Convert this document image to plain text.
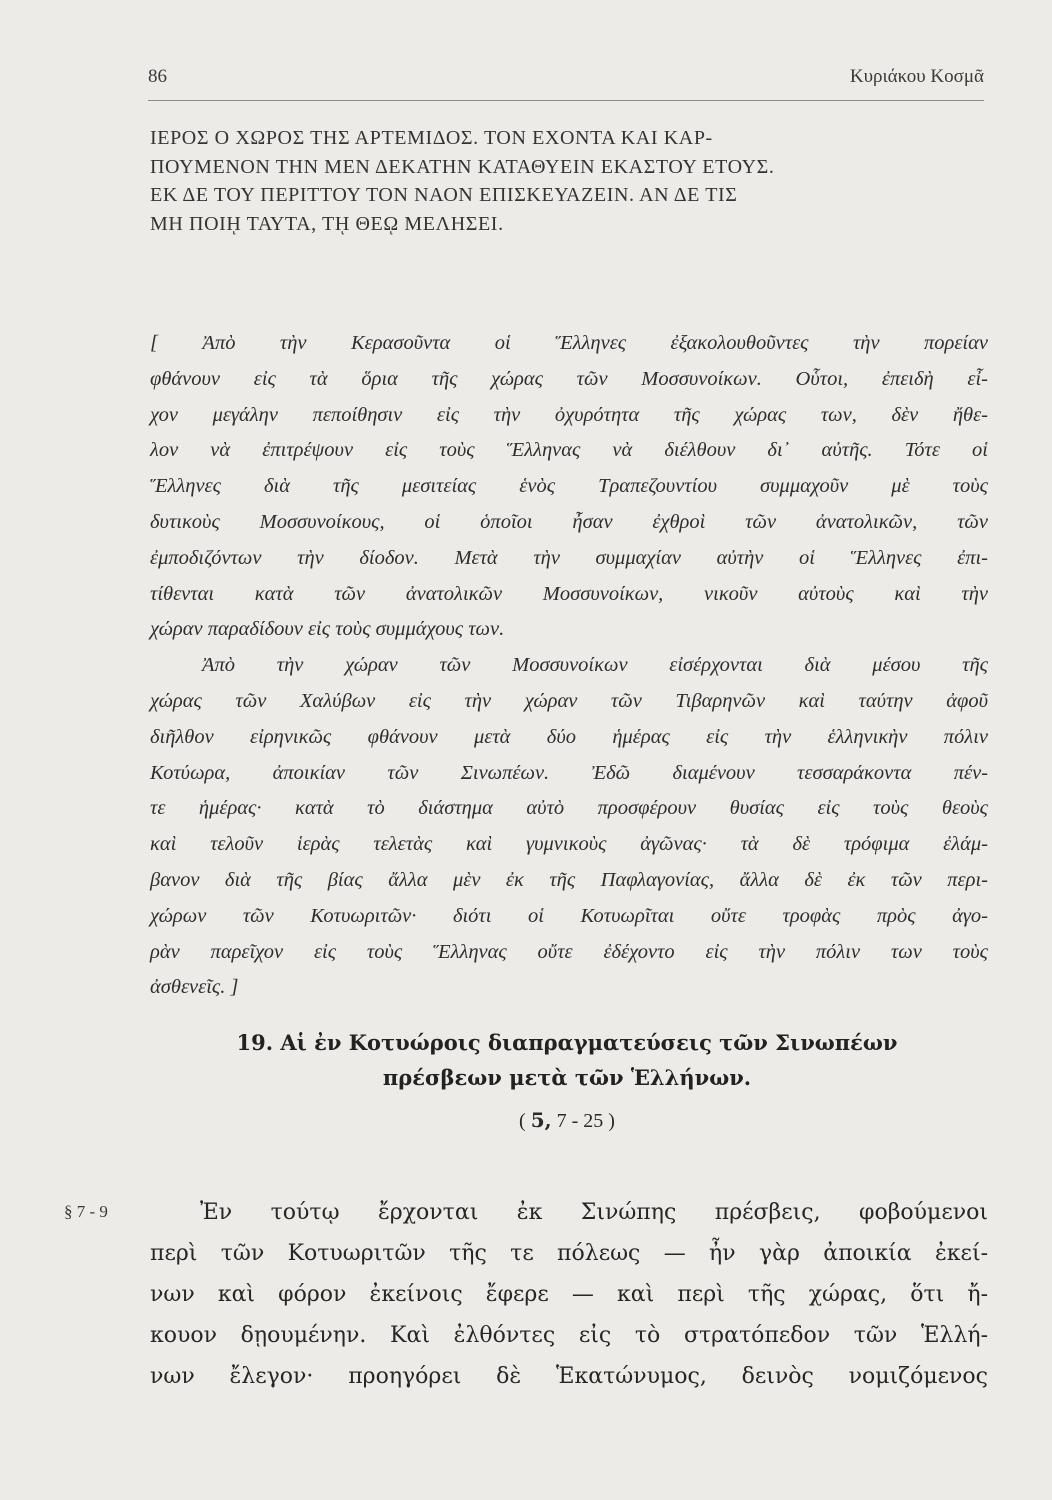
86	Κυριάκου Κοσμᾶ
ΙΕΡΟΣ Ο ΧΩΡΟΣ ΤΗΣ ΑΡΤΕΜΙΔΟΣ. ΤΟΝ ΕΧΟΝΤΑ ΚΑΙ ΚΑΡ-
ΠΟΥΜΕΝΟΝ ΤΗΝ ΜΕΝ ΔΕΚΑΤΗΝ ΚΑΤΑΘΥΕΙΝ ΕΚΑΣΤΟΥ ΕΤΟΥΣ.
ΕΚ ΔΕ ΤΟΥ ΠΕΡΙΤΤΟΥ ΤΟΝ ΝΑΟΝ ΕΠΙΣΚΕΥΑΖΕΙΝ. ΑΝ ΔΕ ΤΙΣ
ΜΗ ΠΟΙῌ ΤΑΥΤΑ, Τῌ ΘΕῼ ΜΕΛΗΣΕΙ.
[ Ἀπὸ τὴν Κερασοῦντα οἱ Ἕλληνες ἐξακολουθοῦντες τὴν πορείαν
φθάνουν εἰς τὰ ὅρια τῆς χώρας τῶν Μοσσυνοίκων. Οὗτοι, ἐπειδὴ εἶ-
χον μεγάλην πεποίθησιν εἰς τὴν ὀχυρότητα τῆς χώρας των, δὲν ἤθε-
λον νὰ ἐπιτρέψουν εἰς τοὺς Ἕλληνας νὰ διέλθουν δι᾿ αὐτῆς. Τότε οἱ
Ἕλληνες διὰ τῆς μεσιτείας ἑνὸς Τραπεζουντίου συμμαχοῦν μὲ τοὺς
δυτικοὺς Μοσσυνοίκους, οἱ ὁποῖοι ἦσαν ἐχθροὶ τῶν ἀνατολικῶν, τῶν
ἐμποδιζόντων τὴν δίοδον. Μετὰ τὴν συμμαχίαν αὐτὴν οἱ Ἕλληνες ἐπι-
τίθενται κατὰ τῶν ἀνατολικῶν Μοσσυνοίκων, νικοῦν αὐτοὺς καὶ τὴν
χώραν παραδίδουν εἰς τοὺς συμμάχους των.
Ἀπὸ τὴν χώραν τῶν Μοσσυνοίκων εἰσέρχονται διὰ μέσου τῆς
χώρας τῶν Χαλύβων εἰς τὴν χώραν τῶν Τιβαρηνῶν καὶ ταύτην ἀφοῦ
διῆλθον εἰρηνικῶς φθάνουν μετὰ δύο ἡμέρας εἰς τὴν ἑλληνικὴν πόλιν
Κοτύωρα, ἀποικίαν τῶν Σινωπέων. Ἐδῶ διαμένουν τεσσαράκοντα πέν-
τε ἡμέρας· κατὰ τὸ διάστημα αὐτὸ προσφέρουν θυσίας εἰς τοὺς θεοὺς
καὶ τελοῦν ἱερὰς τελετὰς καὶ γυμνικοὺς ἀγῶνας· τὰ δὲ τρόφιμα ἐλάμ-
βανον διὰ τῆς βίας ἄλλα μὲν ἐκ τῆς Παφλαγονίας, ἄλλα δὲ ἐκ τῶν περι-
χώρων τῶν Κοτυωριτῶν· διότι οἱ Κοτυωρῖται οὔτε τροφὰς πρὸς ἀγο-
ρὰν παρεῖχον εἰς τοὺς Ἕλληνας οὔτε ἐδέχοντο εἰς τὴν πόλιν των τοὺς
ἀσθενεῖς. ]
19. Αἱ ἐν Κοτυώροις διαπραγματεύσεις τῶν Σινωπέων
πρέσβεων μετὰ τῶν Ἑλλήνων.
( 5, 7 - 25 )
§ 7 - 9	Ἐν τούτῳ ἔρχονται ἐκ Σινώπης πρέσβεις, φοβούμενοι
περὶ τῶν Κοτυωριτῶν τῆς τε πόλεως — ἦν γὰρ ἀποικία ἐκεί-
νων καὶ φόρον ἐκείνοις ἔφερε — καὶ περὶ τῆς χώρας, ὅτι ἤ-
κουον δῃουμένην. Καὶ ἐλθόντες εἰς τὸ στρατόπεδον τῶν Ἑλλή-
νων ἔλεγον· προηγόρει δὲ Ἑκατώνυμος, δεινὸς νομιζόμενος
